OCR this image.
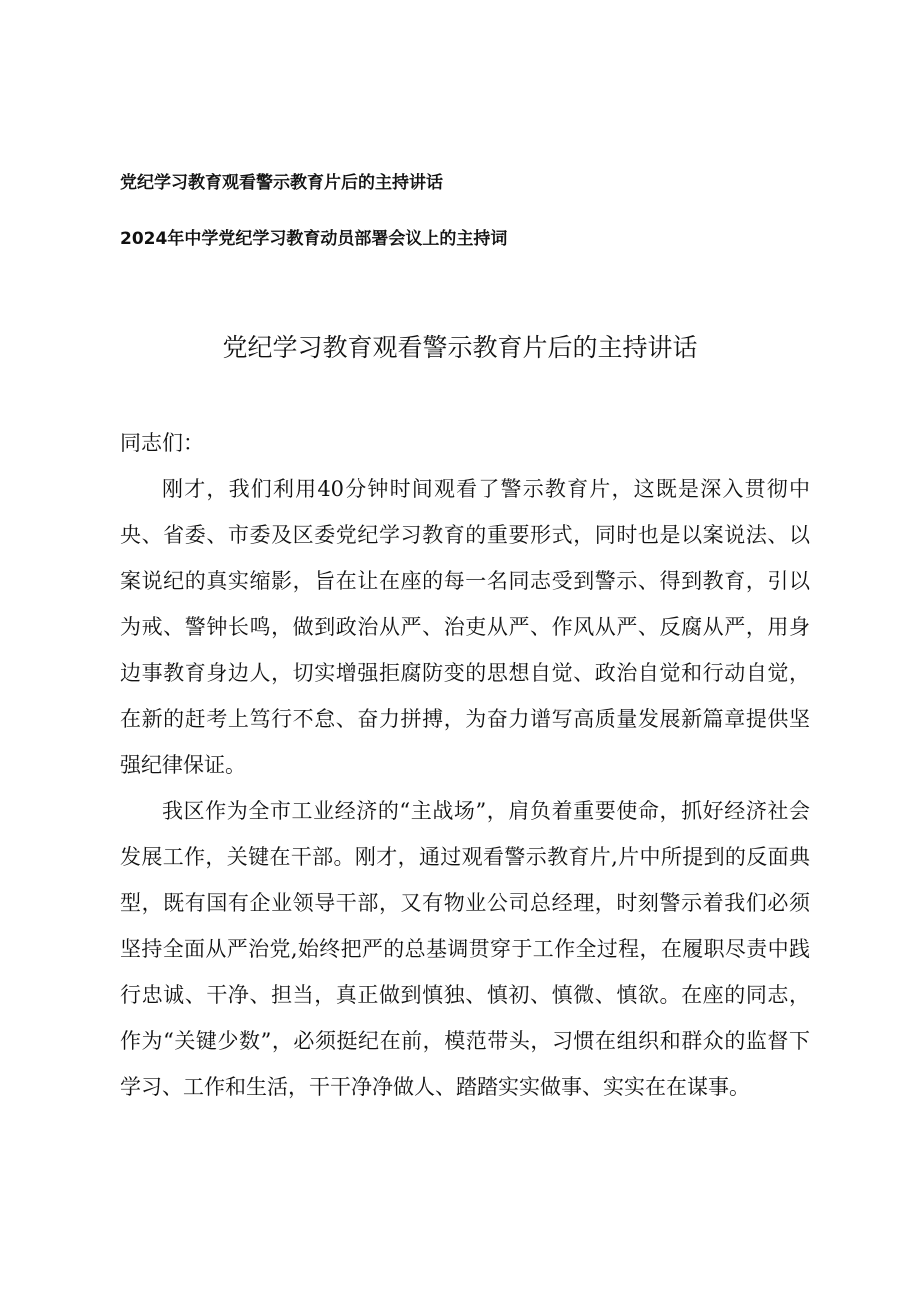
党纪学习教育观看警示教育片后的主持讲话
2024年中学党纪学习教育动员部署会议上的主持词
党纪学习教育观看警示教育片后的主持讲话

同志们：

刚才，我们利用40分钟时间观看了警示教育片，这既是深入贯彻中央、省委、市委及区委党纪学习教育的重要形式，同时也是以案说法、以案说纪的真实缩影，旨在让在座的每一名同志受到警示、得到教育，引以为戒、警钟长鸣，做到政治从严、治吏从严、作风从严、反腐从严，用身边事教育身边人，切实增强拒腐防变的思想自觉、政治自觉和行动自觉，在新的赶考上笃行不怠、奋力拼搏，为奋力谱写高质量发展新篇章提供坚强纪律保证。

我区作为全市工业经济的“主战场”，肩负着重要使命，抓好经济社会发展工作，关键在干部。刚才，通过观看警示教育片,片中所提到的反面典型，既有国有企业领导干部，又有物业公司总经理，时刻警示着我们必须坚持全面从严治党,始终把严的总基调贯穿于工作全过程，在履职尽责中践行忠诚、干净、担当，真正做到慎独、慎初、慎微、慎欲。在座的同志，作为“关键少数”，必须挺纪在前，模范带头，习惯在组织和群众的监督下学习、工作和生活，干干净净做人、踏踏实实做事、实实在在谋事。
